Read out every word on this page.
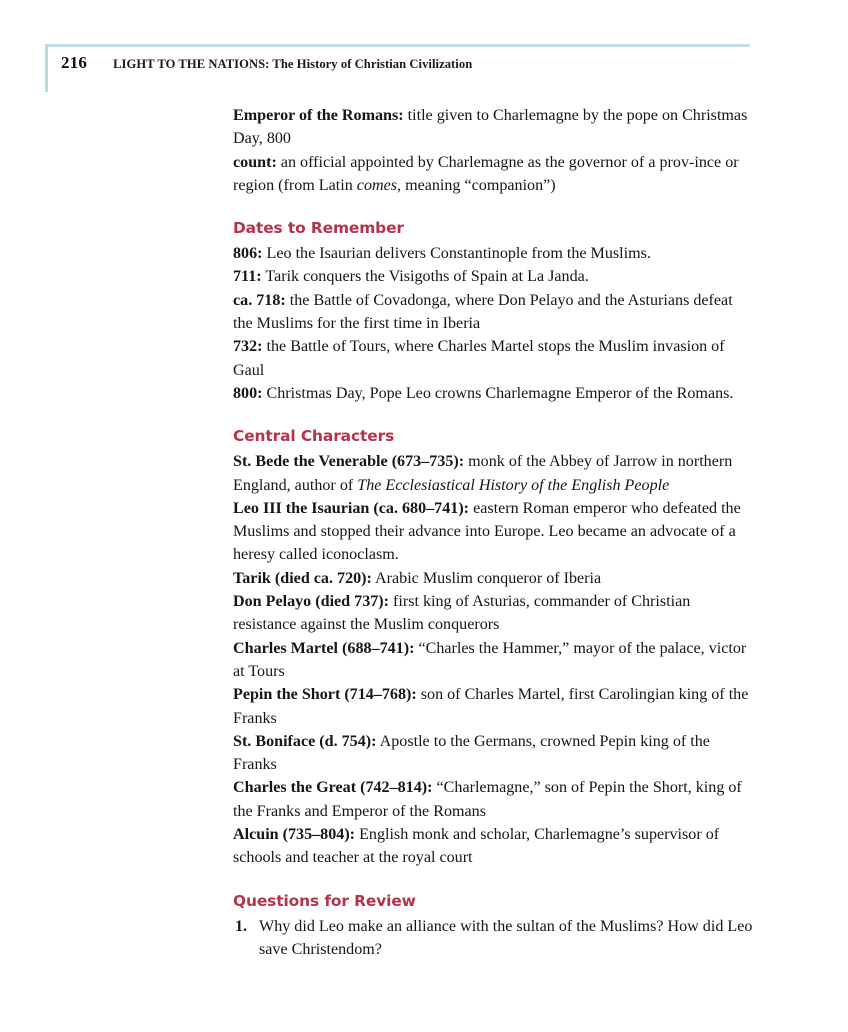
216 LIGHT TO THE NATIONS: The History of Christian Civilization

Emperor of the Romans: title given to Charlemagne by the pope on Christmas Day, 800

count: an official appointed by Charlemagne as the governor of a prov-ince or region (from Latin comes, meaning “companion”)

Dates to Remember

806: Leo the Isaurian delivers Constantinople from the Muslims.

711: Tarik conquers the Visigoths of Spain at La Janda.

ca. 718: the Battle of Covadonga, where Don Pelayo and the Asturians defeat the Muslims for the first time in Iberia

732: the Battle of Tours, where Charles Martel stops the Muslim invasion of Gaul

800: Christmas Day, Pope Leo crowns Charlemagne Emperor of the Romans.

Central Characters

St. Bede the Venerable (673–735): monk of the Abbey of Jarrow in northern England, author of The Ecclesiastical History of the English People

Leo III the Isaurian (ca. 680–741): eastern Roman emperor who defeated the Muslims and stopped their advance into Europe. Leo became an advocate of a heresy called iconoclasm.

Tarik (died ca. 720): Arabic Muslim conqueror of Iberia

Don Pelayo (died 737): first king of Asturias, commander of Christian resistance against the Muslim conquerors

Charles Martel (688–741): “Charles the Hammer,” mayor of the palace, victor at Tours

Pepin the Short (714–768): son of Charles Martel, first Carolingian king of the Franks

St. Boniface (d. 754): Apostle to the Germans, crowned Pepin king of the Franks

Charles the Great (742–814): “Charlemagne,” son of Pepin the Short, king of the Franks and Emperor of the Romans

Alcuin (735–804): English monk and scholar, Charlemagne’s supervisor of schools and teacher at the royal court

Questions for Review
1. Why did Leo make an alliance with the sultan of the Muslims? How did Leo save Christendom?
